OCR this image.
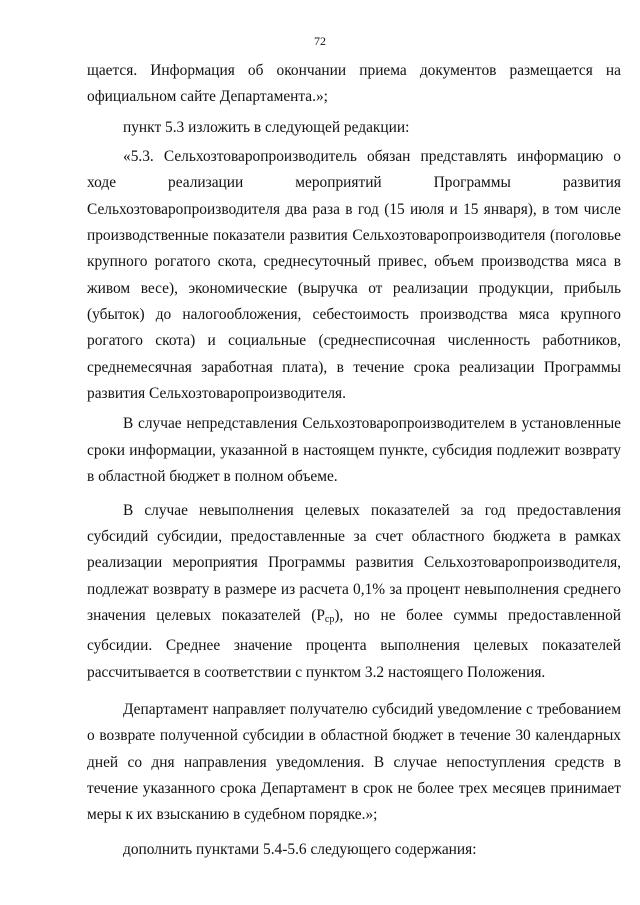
72

щается. Информация об окончании приема документов размещается на официальном сайте Департамента.»;

пункт 5.3 изложить в следующей редакции:

«5.3. Сельхозтоваропроизводитель обязан представлять информацию о ходе реализации мероприятий Программы развития Сельхозтоваропроизводителя два раза в год (15 июля и 15 января), в том числе производственные показатели развития Сельхозтоваропроизводителя (поголовье крупного рогатого скота, среднесуточный привес, объем производства мяса в живом весе), экономические (выручка от реализации продукции, прибыль (убыток) до налогообложения, себестоимость производства мяса крупного рогатого скота) и социальные (среднесписочная численность работников, среднемесячная заработная плата), в течение срока реализации Программы развития Сельхозтоваропроизводителя.

В случае непредставления Сельхозтоваропроизводителем в установленные сроки информации, указанной в настоящем пункте, субсидия подлежит возврату в областной бюджет в полном объеме.

В случае невыполнения целевых показателей за год предоставления субсидий субсидии, предоставленные за счет областного бюджета в рамках реализации мероприятия Программы развития Сельхозтоваропроизводителя, подлежат возврату в размере из расчета 0,1% за процент невыполнения среднего значения целевых показателей $(P_{ср})$, но не более суммы предоставленной субсидии. Среднее значение процента выполнения целевых показателей рассчитывается в соответствии с пунктом 3.2 настоящего Положения.

Департамент направляет получателю субсидий уведомление с требованием о возврате полученной субсидии в областной бюджет в течение 30 календарных дней со дня направления уведомления. В случае непоступления средств в течение указанного срока Департамент в срок не более трех месяцев принимает меры к их взысканию в судебном порядке.»;

дополнить пунктами 5.4-5.6 следующего содержания:
